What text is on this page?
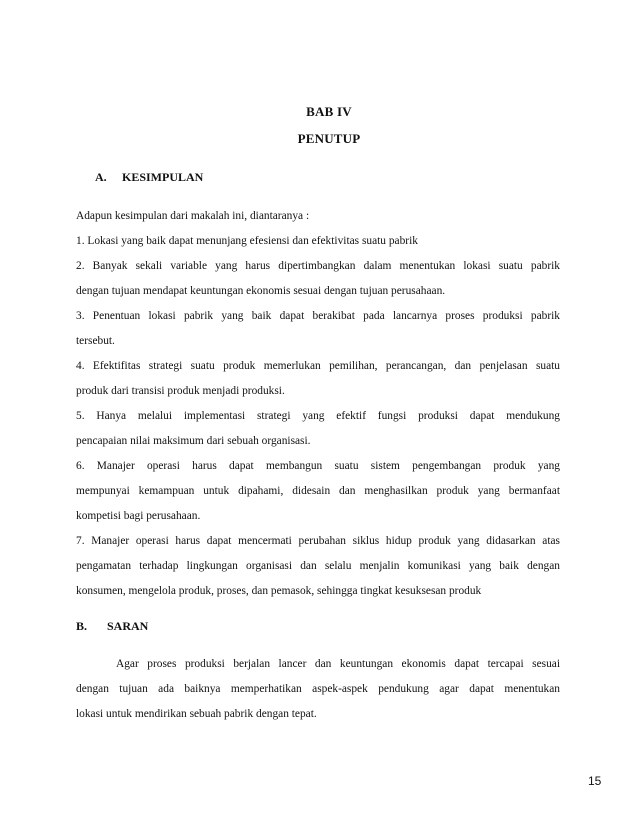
BAB IV
PENUTUP
A. KESIMPULAN
Adapun kesimpulan dari makalah ini, diantaranya :
1. Lokasi yang baik dapat menunjang efesiensi dan efektivitas suatu pabrik
2. Banyak sekali variable yang harus dipertimbangkan dalam menentukan lokasi suatu pabrik
dengan tujuan mendapat keuntungan ekonomis sesuai dengan tujuan perusahaan.
3. Penentuan lokasi pabrik yang baik dapat berakibat pada lancarnya proses produksi pabrik
tersebut.
4. Efektifitas strategi suatu produk memerlukan pemilihan, perancangan, dan penjelasan suatu
produk dari transisi produk menjadi produksi.
5. Hanya melalui implementasi strategi yang efektif fungsi produksi dapat mendukung
pencapaian nilai maksimum dari sebuah organisasi.
6. Manajer operasi harus dapat membangun suatu sistem pengembangan produk yang
mempunyai kemampuan untuk dipahami, didesain dan menghasilkan produk yang bermanfaat
kompetisi bagi perusahaan.
7. Manajer operasi harus dapat mencermati perubahan siklus hidup produk yang didasarkan atas
pengamatan terhadap lingkungan organisasi dan selalu menjalin komunikasi yang baik dengan
B. SARAN
Agar proses produksi berjalan lancer dan keuntungan ekonomis dapat tercapai sesuai
dengan tujuan ada baiknya memperhatikan aspek-aspek pendukung agar dapat menentukan
lokasi untuk mendirikan sebuah pabrik dengan tepat.
15
konsumen, mengelola produk, proses, dan pemasok, sehingga tingkat kesuksesan produk
